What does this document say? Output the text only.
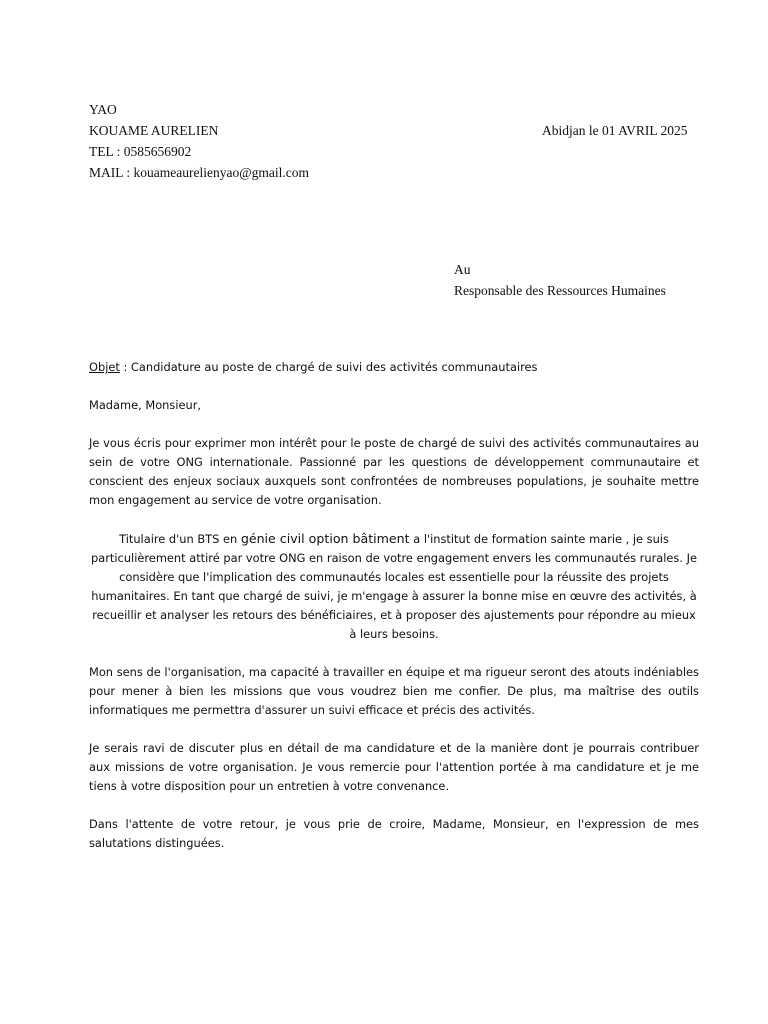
YAO
KOUAME AURELIEN
TEL : 0585656902
MAIL : kouameaurelienyao@gmail.com
Abidjan le 01 AVRIL 2025
Au
Responsable des Ressources Humaines

Objet : Candidature au poste de chargé de suivi des activités communautaires

Madame, Monsieur,

Je vous écris pour exprimer mon intérêt pour le poste de chargé de suivi des activités communautaires au sein de votre ONG internationale. Passionné par les questions de développement communautaire et conscient des enjeux sociaux auxquels sont confrontées de nombreuses populations, je souhaite mettre mon engagement au service de votre organisation.

Titulaire d'un BTS en génie civil option bâtiment a l'institut de formation sainte marie , je suis particulièrement attiré par votre ONG en raison de votre engagement envers les communautés rurales. Je considère que l'implication des communautés locales est essentielle pour la réussite des projets humanitaires. En tant que chargé de suivi, je m'engage à assurer la bonne mise en œuvre des activités, à recueillir et analyser les retours des bénéficiaires, et à proposer des ajustements pour répondre au mieux à leurs besoins.

Mon sens de l'organisation, ma capacité à travailler en équipe et ma rigueur seront des atouts indéniables pour mener à bien les missions que vous voudrez bien me confier. De plus, ma maîtrise des outils informatiques me permettra d'assurer un suivi efficace et précis des activités.

Je serais ravi de discuter plus en détail de ma candidature et de la manière dont je pourrais contribuer aux missions de votre organisation. Je vous remercie pour l'attention portée à ma candidature et je me tiens à votre disposition pour un entretien à votre convenance.

Dans l'attente de votre retour, je vous prie de croire, Madame, Monsieur, en l'expression de mes salutations distinguées.
